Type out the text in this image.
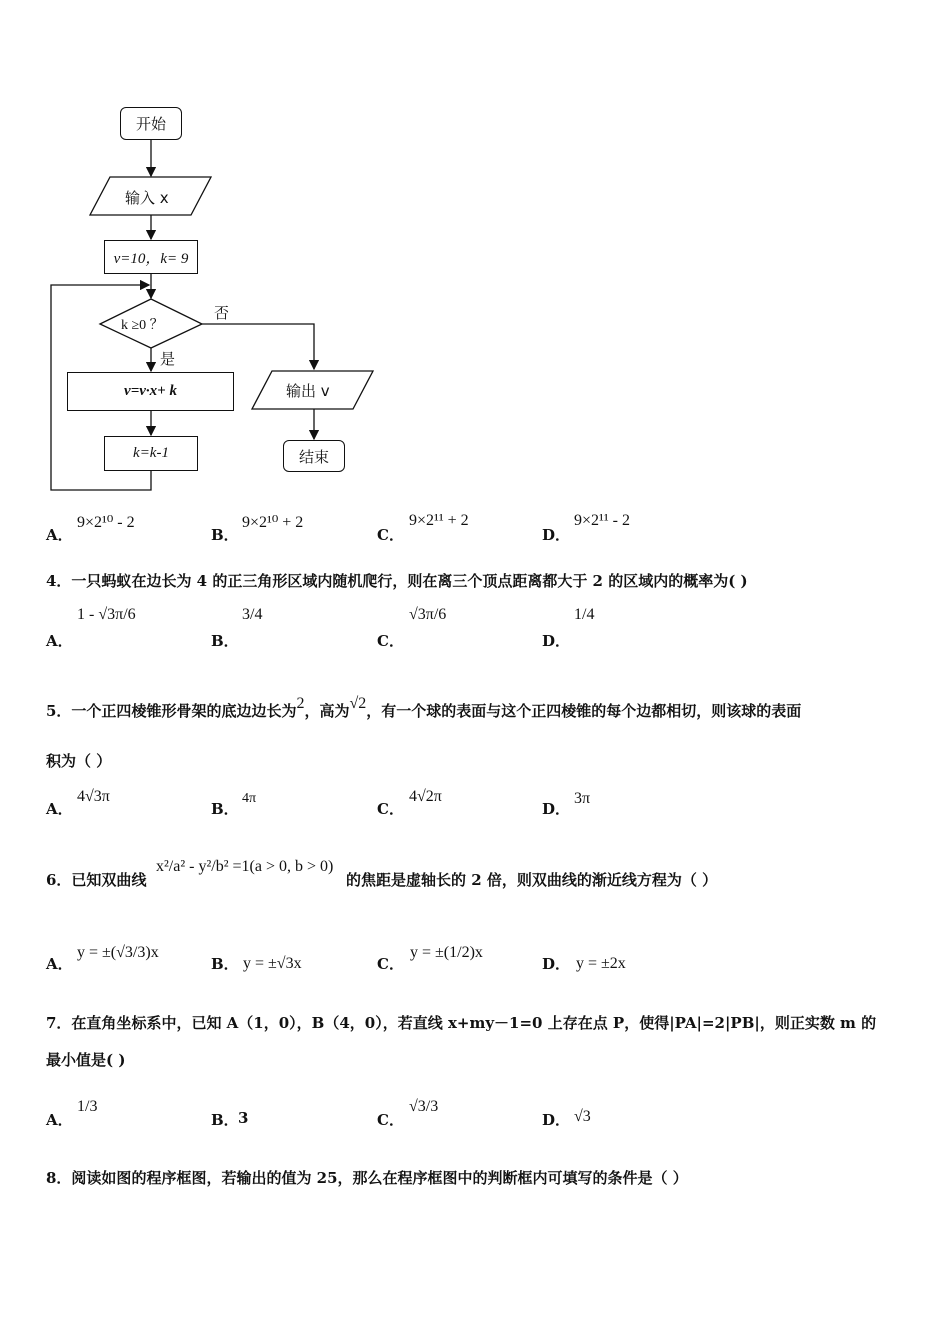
开始
输入 x
v=10，k= 9
k ≥0 ？
否
是
v=v·x+ k
k=k-1
输出 v
结束
A．
9×2¹⁰ - 2
B．
9×2¹⁰ + 2
C．
9×2¹¹ + 2
D．
9×2¹¹ - 2
4．一只蚂蚁在边长为 4 的正三角形区域内随机爬行，则在离三个顶点距离都大于 2 的区域内的概率为( )
A．
1 - √3π/6
B．
3/4
C．
√3π/6
D．
1/4
5．一个正四棱锥形骨架的底边边长为2，高为√2，有一个球的表面与这个正四棱锥的每个边都相切，则该球的表面
积为（ ）
A．
4√3π
B．
4π
C．
4√2π
D．
3π
6．已知双曲线
x²/a² - y²/b² =1(a > 0, b > 0)
的焦距是虚轴长的 2 倍，则双曲线的渐近线方程为（ ）
A．
y = ±(√3/3)x
B． y = ±√3x	C．
y = ±(1/2)x
D． y = ±2x
7．在直角坐标系中，已知 A（1，0），B（4，0），若直线 x+my－1=0 上存在点 P，使得|PA|=2|PB|，则正实数 m 的
最小值是( )
A．
1/3
B． 3	C．
√3/3
D． √3
8．阅读如图的程序框图，若输出的值为 25，那么在程序框图中的判断框内可填写的条件是（ ）
